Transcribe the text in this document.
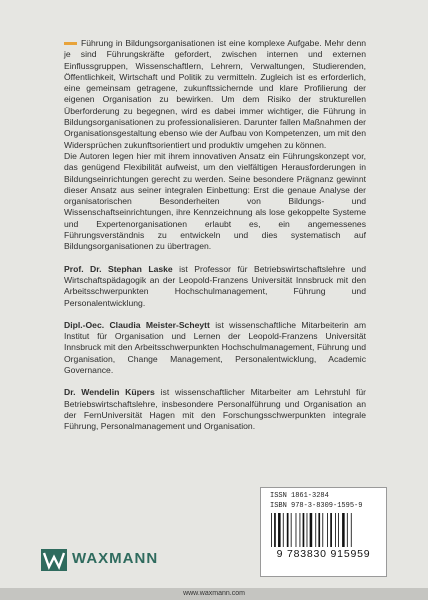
Führung in Bildungsorganisationen ist eine komplexe Aufgabe. Mehr denn je sind Führungskräfte gefordert, zwischen internen und externen Einflussgruppen, Wissenschaftlern, Lehrern, Verwaltungen, Studierenden, Öffentlichkeit, Wirtschaft und Politik zu vermitteln. Zugleich ist es erforderlich, eine gemeinsam getragene, zukunftssichernde und klare Profilierung der eigenen Organisation zu bewirken. Um dem Risiko der strukturellen Überforderung zu begegnen, wird es dabei immer wichtiger, die Führung in Bildungsorganisationen zu professionalisieren. Darunter fallen Maßnahmen der Organisationsgestaltung ebenso wie der Aufbau von Kompetenzen, um mit den Widersprüchen zukunftsorientiert und produktiv umgehen zu können.

Die Autoren legen hier mit ihrem innovativen Ansatz ein Führungskonzept vor, das genügend Flexibilität aufweist, um den vielfältigen Herausforderungen in Bildungseinrichtungen gerecht zu werden. Seine besondere Prägnanz gewinnt dieser Ansatz aus seiner integralen Einbettung: Erst die genaue Analyse der organisatorischen Besonderheiten von Bildungs- und Wissenschaftseinrichtungen, ihre Kennzeichnung als lose gekoppelte Systeme und Expertenorganisationen erlaubt es, ein angemessenes Führungsverständnis zu entwickeln und dies systematisch auf Bildungsorganisationen zu übertragen.

Prof. Dr. Stephan Laske ist Professor für Betriebswirtschaftslehre und Wirtschaftspädagogik an der Leopold-Franzens Universität Innsbruck mit den Arbeitsschwerpunkten Hochschulmanagement, Führung und Personalentwicklung.

Dipl.-Oec. Claudia Meister-Scheytt ist wissenschaftliche Mitarbeiterin am Institut für Organisation und Lernen der Leopold-Franzens Universität Innsbruck mit den Arbeitsschwerpunkten Hochschulmanagement, Führung und Organisation, Change Management, Personalentwicklung, Academic Governance.

Dr. Wendelin Küpers ist wissenschaftlicher Mitarbeiter am Lehrstuhl für Betriebswirtschaftslehre, insbesondere Personalführung und Organisation an der FernUniversität Hagen mit den Forschungsschwerpunkten integrale Führung, Personalmanagement und Organisation.

ISSN 1861-3284
ISBN 978-3-8309-1595-9
9 783830 915959
WAXMANN
www.waxmann.com
